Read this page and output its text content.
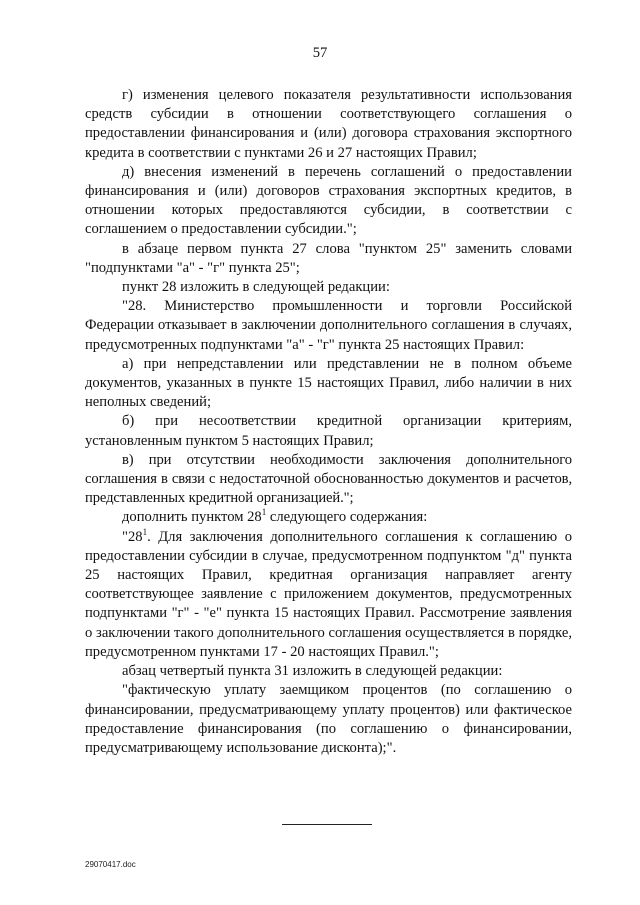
57

г) изменения целевого показателя результативности использования средств субсидии в отношении соответствующего соглашения о предоставлении финансирования и (или) договора страхования экспортного кредита в соответствии с пунктами 26 и 27 настоящих Правил;

д) внесения изменений в перечень соглашений о предоставлении финансирования и (или) договоров страхования экспортных кредитов, в отношении которых предоставляются субсидии, в соответствии с соглашением о предоставлении субсидии.";

в абзаце первом пункта 27 слова "пунктом 25" заменить словами "подпунктами "а" - "г" пункта 25";

пункт 28 изложить в следующей редакции:

"28. Министерство промышленности и торговли Российской Федерации отказывает в заключении дополнительного соглашения в случаях, предусмотренных подпунктами "а" - "г" пункта 25 настоящих Правил:

а) при непредставлении или представлении не в полном объеме документов, указанных в пункте 15 настоящих Правил, либо наличии в них неполных сведений;

б) при несоответствии кредитной организации критериям, установленным пунктом 5 настоящих Правил;

в) при отсутствии необходимости заключения дополнительного соглашения в связи с недостаточной обоснованностью документов и расчетов, представленных кредитной организацией.";

дополнить пунктом $28^1$ следующего содержания:

"$28^1$. Для заключения дополнительного соглашения к соглашению о предоставлении субсидии в случае, предусмотренном подпунктом "д" пункта 25 настоящих Правил, кредитная организация направляет агенту соответствующее заявление с приложением документов, предусмотренных подпунктами "г" - "е" пункта 15 настоящих Правил. Рассмотрение заявления о заключении такого дополнительного соглашения осуществляется в порядке, предусмотренном пунктами 17 - 20 настоящих Правил.";

абзац четвертый пункта 31 изложить в следующей редакции:

"фактическую уплату заемщиком процентов (по соглашению о финансировании, предусматривающему уплату процентов) или фактическое предоставление финансирования (по соглашению о финансировании, предусматривающему использование дисконта);".

29070417.doc
